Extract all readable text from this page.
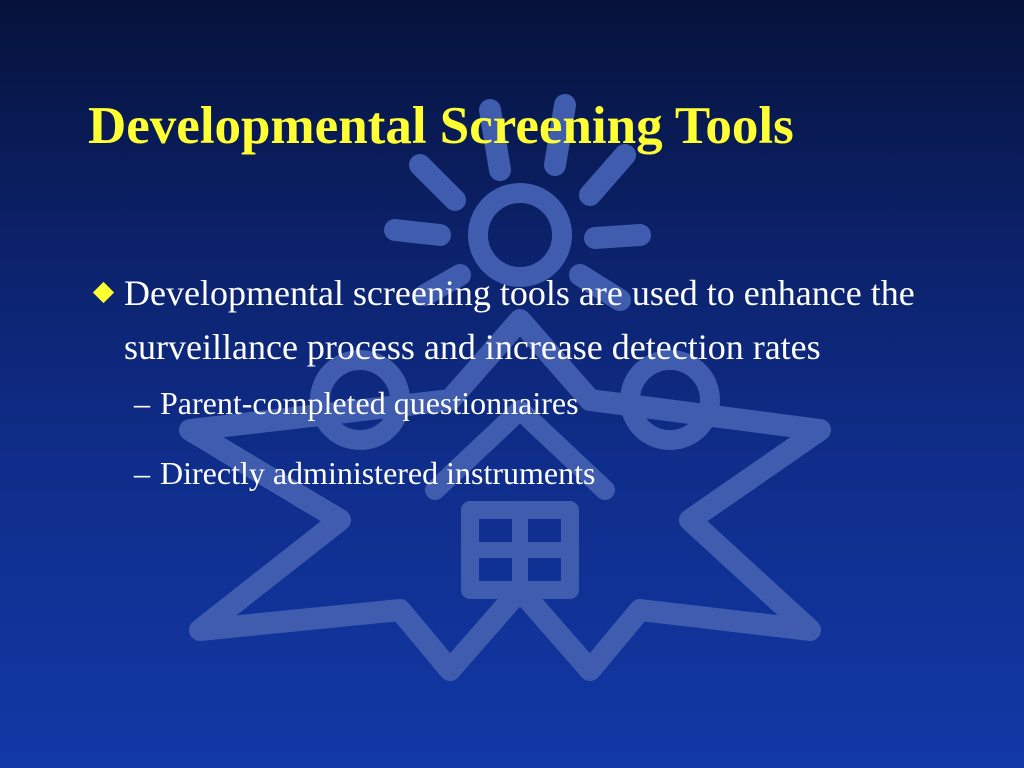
Developmental Screening Tools
Developmental screening tools are used to enhance the surveillance process and increase detection rates
– Parent-completed questionnaires
– Directly administered instruments
